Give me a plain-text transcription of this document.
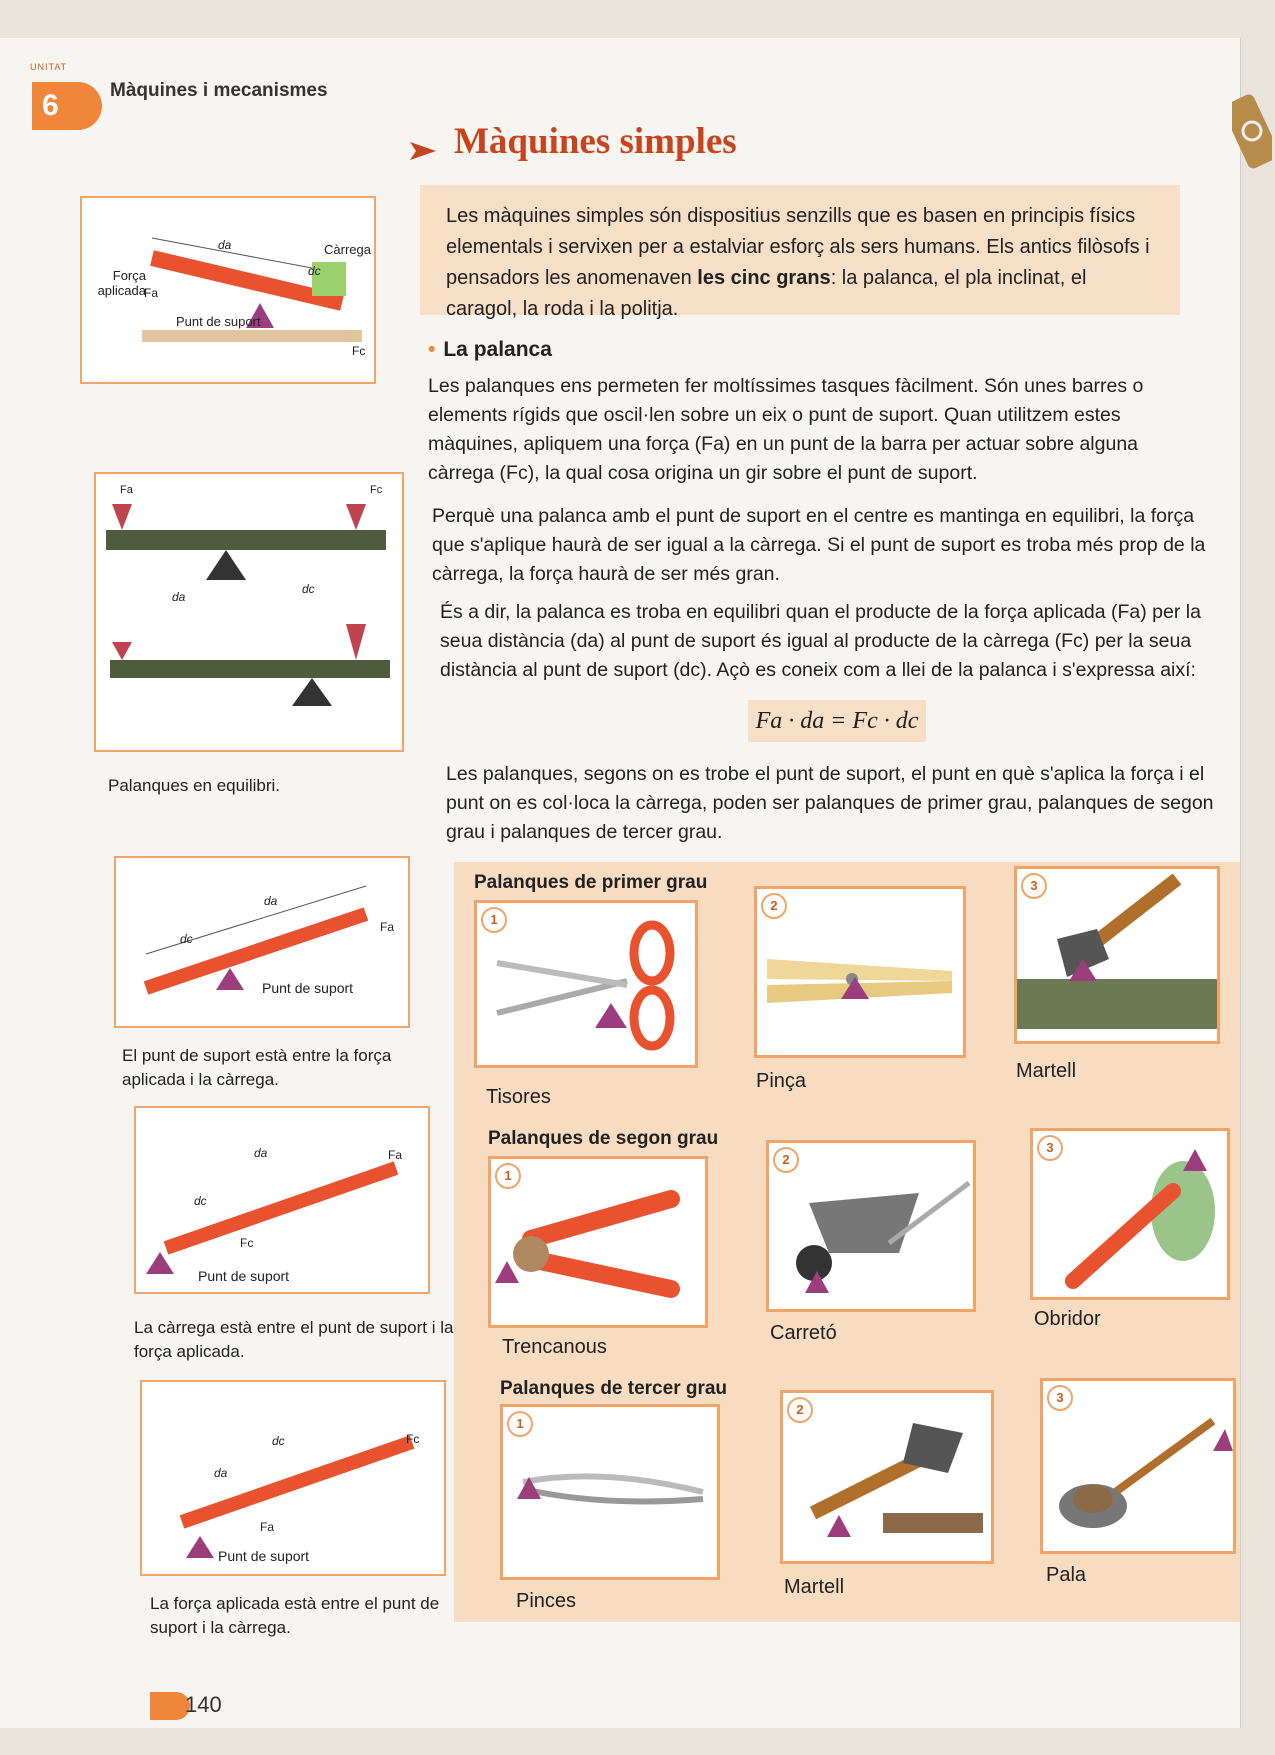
UNITAT
6	Màquines i mecanismes
Màquines simples
Les màquines simples són dispositius senzills que es basen en principis físics elementals i servixen per a estalviar esforç als sers humans. Els antics filòsofs i pensadors les anomenaven les cinc grans: la palanca, el pla inclinat, el caragol, la roda i la politja.
• La palanca
Les palanques ens permeten fer moltíssimes tasques fàcilment. Són unes barres o elements rígids que oscil·len sobre un eix o punt de suport. Quan utilitzem estes màquines, apliquem una força (Fa) en un punt de la barra per actuar sobre alguna càrrega (Fc), la qual cosa origina un gir sobre el punt de suport.
Perquè una palanca amb el punt de suport en el centre es mantinga en equilibri, la força que s'aplique haurà de ser igual a la càrrega. Si el punt de suport es troba més prop de la càrrega, la força haurà de ser més gran.
És a dir, la palanca es troba en equilibri quan el producte de la força aplicada (Fa) per la seua distància (da) al punt de suport és igual al producte de la càrrega (Fc) per la seua distància al punt de suport (dc). Açò es coneix com a llei de la palanca i s'expressa així:
Fa · da = Fc · dc
Les palanques, segons on es trobe el punt de suport, el punt en què s'aplica la força i el punt on es col·loca la càrrega, poden ser palanques de primer grau, palanques de segon grau i palanques de tercer grau.
Palanques de primer grau
1
Tisores
2
Pinça
3
Martell
Palanques de segon grau
1
Trencanous
2
Carretó
3
Obridor
Palanques de tercer grau
1
Pinces
2
Martell
3
Pala
Força aplicada
Fa
Càrrega
da
dc
Punt de suport
Fc
Fa	Fc
da
dc
Palanques en equilibri.
da
dc
Fa
Punt de suport
El punt de suport està entre la força aplicada i la càrrega.
da
dc
Fa
Fc
Punt de suport
La càrrega està entre el punt de suport i la força aplicada.
dc
da
Fc
Fa
Punt de suport
La força aplicada està entre el punt de suport i la càrrega.
140
